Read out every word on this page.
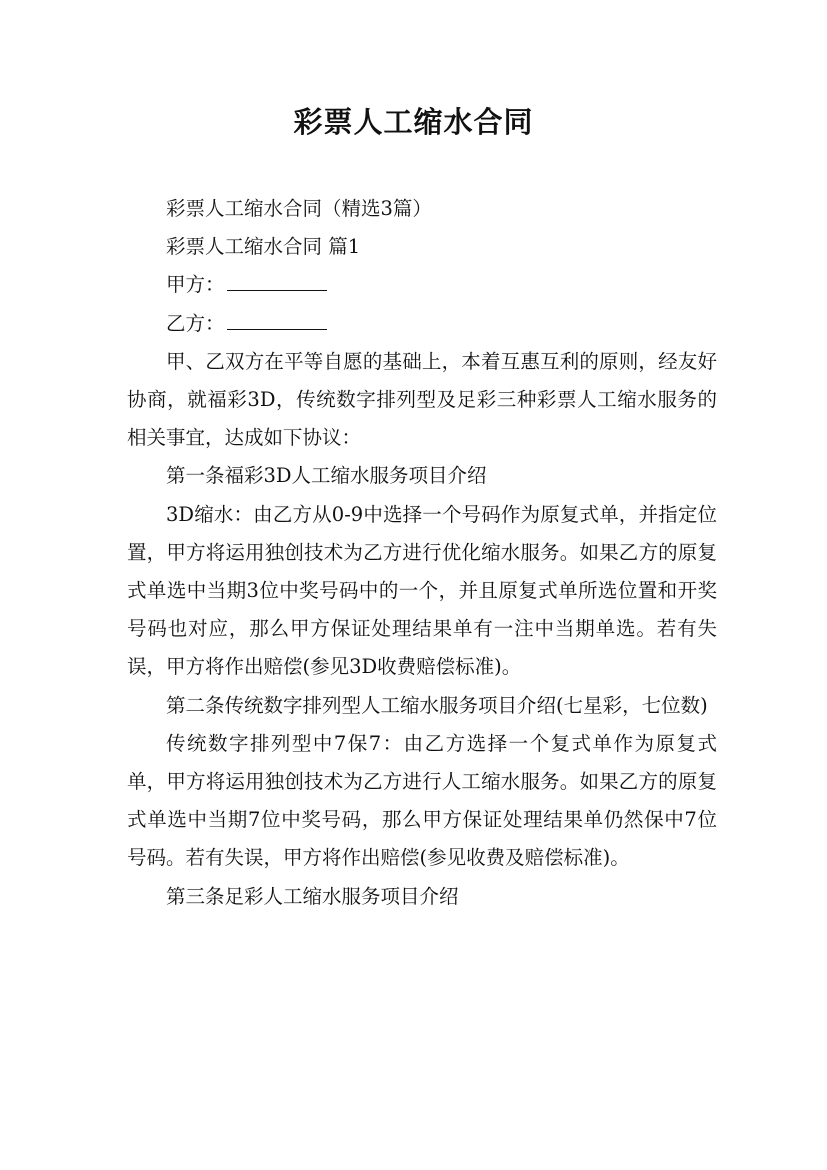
彩票人工缩水合同

彩票人工缩水合同（精选3篇）

彩票人工缩水合同 篇1

甲方：

乙方：

甲、乙双方在平等自愿的基础上，本着互惠互利的原则，经友好协商，就福彩3D，传统数字排列型及足彩三种彩票人工缩水服务的相关事宜，达成如下协议：

第一条福彩3D人工缩水服务项目介绍

3D缩水：由乙方从0-9中选择一个号码作为原复式单，并指定位置，甲方将运用独创技术为乙方进行优化缩水服务。如果乙方的原复式单选中当期3位中奖号码中的一个，并且原复式单所选位置和开奖号码也对应，那么甲方保证处理结果单有一注中当期单选。若有失误，甲方将作出赔偿(参见3D收费赔偿标准)。

第二条传统数字排列型人工缩水服务项目介绍(七星彩，七位数)

传统数字排列型中7保7：由乙方选择一个复式单作为原复式单，甲方将运用独创技术为乙方进行人工缩水服务。如果乙方的原复式单选中当期7位中奖号码，那么甲方保证处理结果单仍然保中7位号码。若有失误，甲方将作出赔偿(参见收费及赔偿标准)。

第三条足彩人工缩水服务项目介绍
